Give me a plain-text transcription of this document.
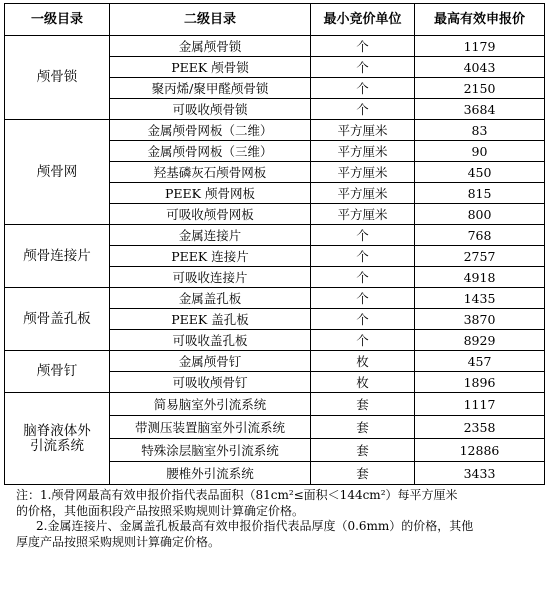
一级目录	二级目录	最小竞价单位	最高有效申报价
颅骨锁	金属颅骨锁	个	1179
	PEEK 颅骨锁	个	4043
	聚丙烯/聚甲醛颅骨锁	个	2150
	可吸收颅骨锁	个	3684
颅骨网	金属颅骨网板（二维）	平方厘米	83
	金属颅骨网板（三维）	平方厘米	90
	羟基磷灰石颅骨网板	平方厘米	450
	PEEK 颅骨网板	平方厘米	815
	可吸收颅骨网板	平方厘米	800
颅骨连接片	金属连接片	个	768
	PEEK 连接片	个	2757
	可吸收连接片	个	4918
颅骨盖孔板	金属盖孔板	个	1435
	PEEK 盖孔板	个	3870
	可吸收盖孔板	个	8929
颅骨钉	金属颅骨钉	枚	457
	可吸收颅骨钉	枚	1896
脑脊液体外
引流系统	简易脑室外引流系统	套	1117
	带测压装置脑室外引流系统	套	2358
	特殊涂层脑室外引流系统	套	12886
	腰椎外引流系统	套	3433

注：1.颅骨网最高有效申报价指代表品面积（81cm²≤面积＜144cm²）每平方厘米

的价格，其他面积段产品按照采购规则计算确定价格。

2.金属连接片、金属盖孔板最高有效申报价指代表品厚度（0.6mm）的价格，其他

厚度产品按照采购规则计算确定价格。
